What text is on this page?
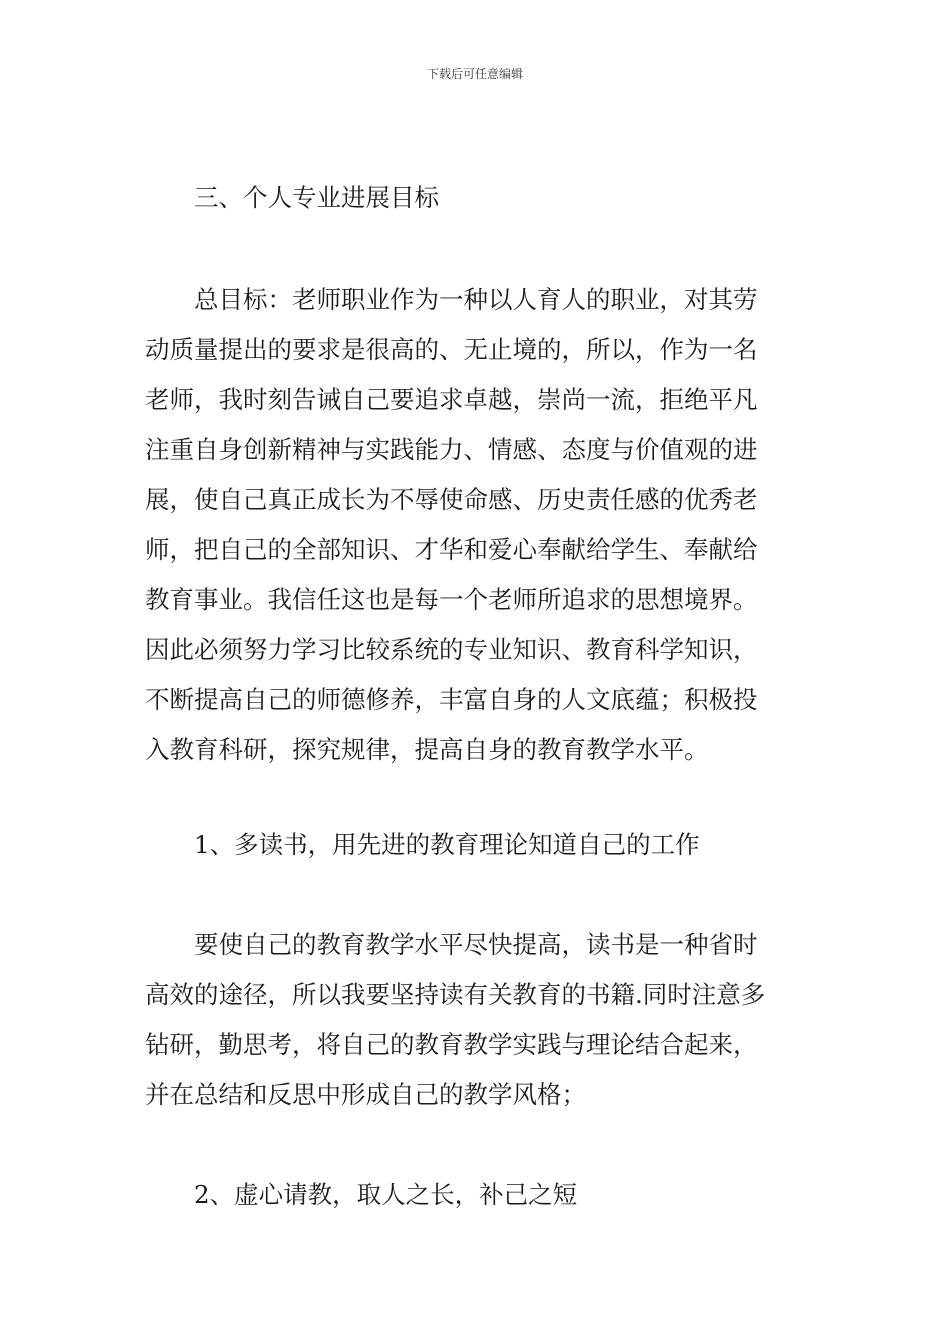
下载后可任意编辑

三、个人专业进展目标

总目标：老师职业作为一种以人育人的职业，对其劳
动质量提出的要求是很高的、无止境的，所以，作为一名
老师，我时刻告诫自己要追求卓越，崇尚一流，拒绝平凡
注重自身创新精神与实践能力、情感、态度与价值观的进
展，使自己真正成长为不辱使命感、历史责任感的优秀老
师，把自己的全部知识、才华和爱心奉献给学生、奉献给
教育事业。我信任这也是每一个老师所追求的思想境界。
因此必须努力学习比较系统的专业知识、教育科学知识，
不断提高自己的师德修养，丰富自身的人文底蕴；积极投
入教育科研，探究规律，提高自身的教育教学水平。

1、多读书，用先进的教育理论知道自己的工作

要使自己的教育教学水平尽快提高，读书是一种省时
高效的途径，所以我要坚持读有关教育的书籍.同时注意多
钻研，勤思考，将自己的教育教学实践与理论结合起来，
并在总结和反思中形成自己的教学风格；

2、虚心请教，取人之长，补己之短
